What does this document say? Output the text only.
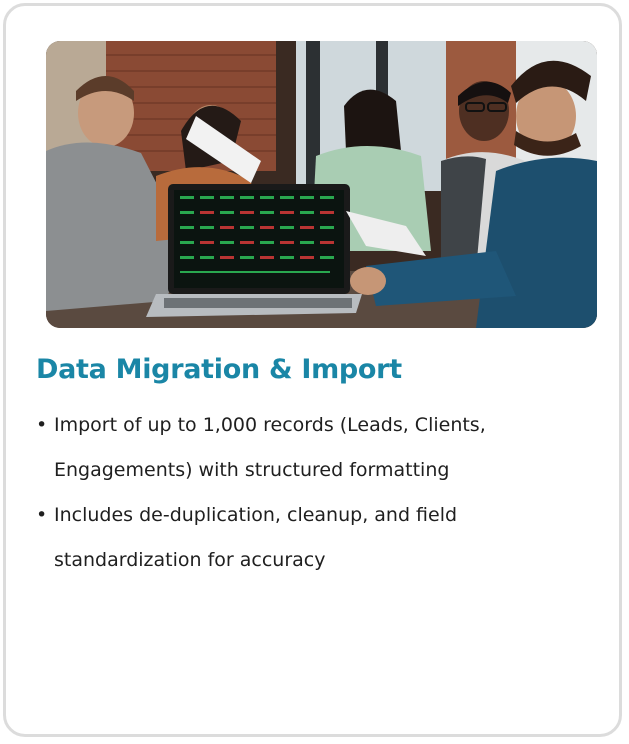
Data Migration & Import
• Import of up to 1,000 records (Leads, Clients, Engagements) with structured formatting
• Includes de-duplication, cleanup, and field standardization for accuracy
